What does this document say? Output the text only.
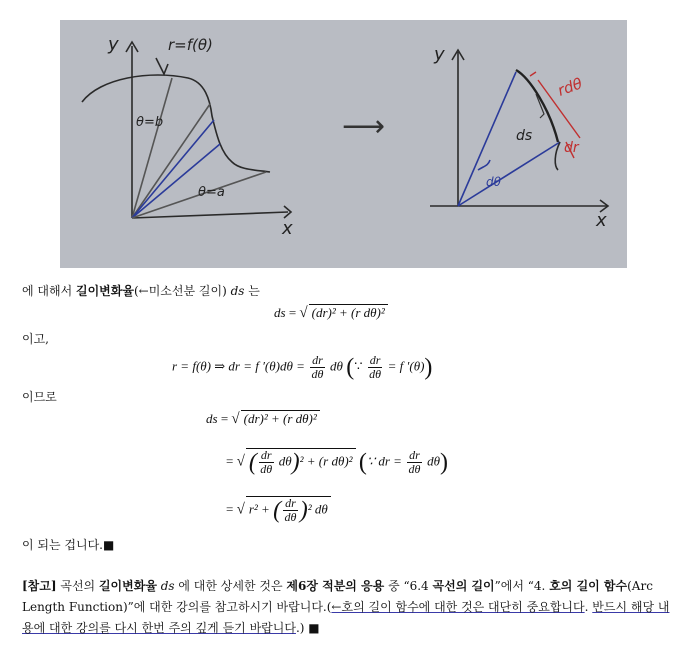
y
x
r=f(θ)
θ=b
θ=a
⟶
y
x
rdθ
ds
dr
dθ
에 대해서 길이변화율(←미소선분 길이) ds 는
ds = √ (dr)² + (r dθ)²
이고,
r = f(θ) ⇒ dr = f $'(\theta)d\theta = \frac{dr}{d\theta}$ dθ (∵ $\frac{dr}{d\theta} = f$ ′(θ))
이므로
ds = √ (dr)² + (r dθ)²
= √ ( $\frac{dr}{d\theta} d\theta)^2 + (r$ dθ)² (∵ dr = $\frac{dr}{d\theta} d\theta$)
= √ r² + ( $\frac{dr}{d\theta} )^2$ dθ
이 되는 겁니다.■
[참고] 곡선의 길이변화율 ds 에 대한 상세한 것은 제6장 적분의 응용 중 “6.4 곡선의 길이”에서 “4. 호의 길이 함수(Arc Length Function)”에 대한 강의를 참고하시기 바랍니다.(←호의 길이 함수에 대한 것은 대단히 중요합니다. 반드시 해당 내용에 대한 강의를 다시 한번 주의 깊게 듣기 바랍니다.) ■
